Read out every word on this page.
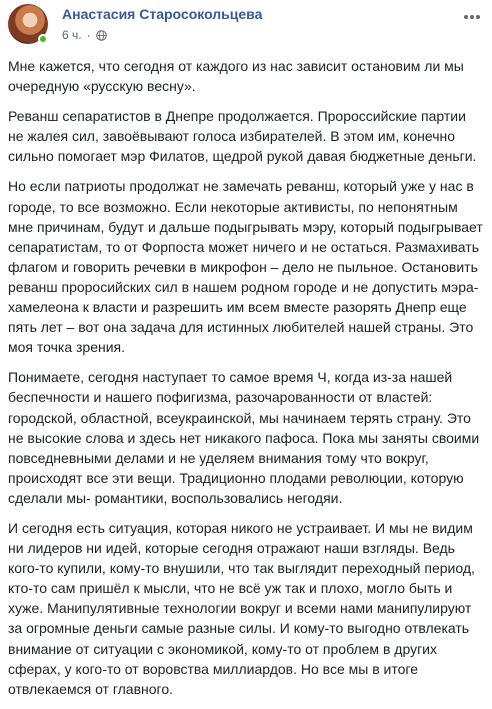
Анастасия Старосокольцева
6 ч. ·

Мне кажется, что сегодня от каждого из нас зависит остановим ли мы
очередную «русскую весну».

Реванш сепаратистов в Днепре продолжается. Пророссийские партии
не жалея сил, завоёвывают голоса избирателей. В этом им, конечно
сильно помогает мэр Филатов, щедрой рукой давая бюджетные деньги.

Но если патриоты продолжат не замечать реванш, который уже у нас в
городе, то все возможно. Если некоторые активисты, по непонятным
мне причинам, будут и дальше подыгрывать мэру, который подыгрывает
сепаратистам, то от Форпоста может ничего и не остаться. Размахивать
флагом и говорить речевки в микрофон – дело не пыльное. Остановить
реванш проросийских сил в нашем родном городе и не допустить мэра-
хамелеона к власти и разрешить им всем вместе разорять Днепр еще
пять лет – вот она задача для истинных любителей нашей страны. Это
моя точка зрения.

Понимаете, сегодня наступает то самое время Ч, когда из-за нашей
беспечности и нашего пофигизма, разочарованности от властей:
городской, областной, всеукраинской, мы начинаем терять страну. Это
не высокие слова и здесь нет никакого пафоса. Пока мы заняты своими
повседневными делами и не уделяем внимания тому что вокруг,
происходят все эти вещи. Традиционно плодами революции, которую
сделали мы- романтики, воспользовались негодяи.

И сегодня есть ситуация, которая никого не устраивает. И мы не видим
ни лидеров ни идей, которые сегодня отражают наши взгляды. Ведь
кого-то купили, кому-то внушили, что так выглядит переходный период,
кто-то сам пришёл к мысли, что не всё уж так и плохо, могло быть и
хуже. Манипулятивные технологии вокруг и всеми нами манипулируют
за огромные деньги самые разные силы. И кому-то выгодно отвлекать
внимание от ситуации с экономикой, кому-то от проблем в других
сферах, у кого-то от воровства миллиардов. Но все мы в итоге
отвлекаемся от главного.
